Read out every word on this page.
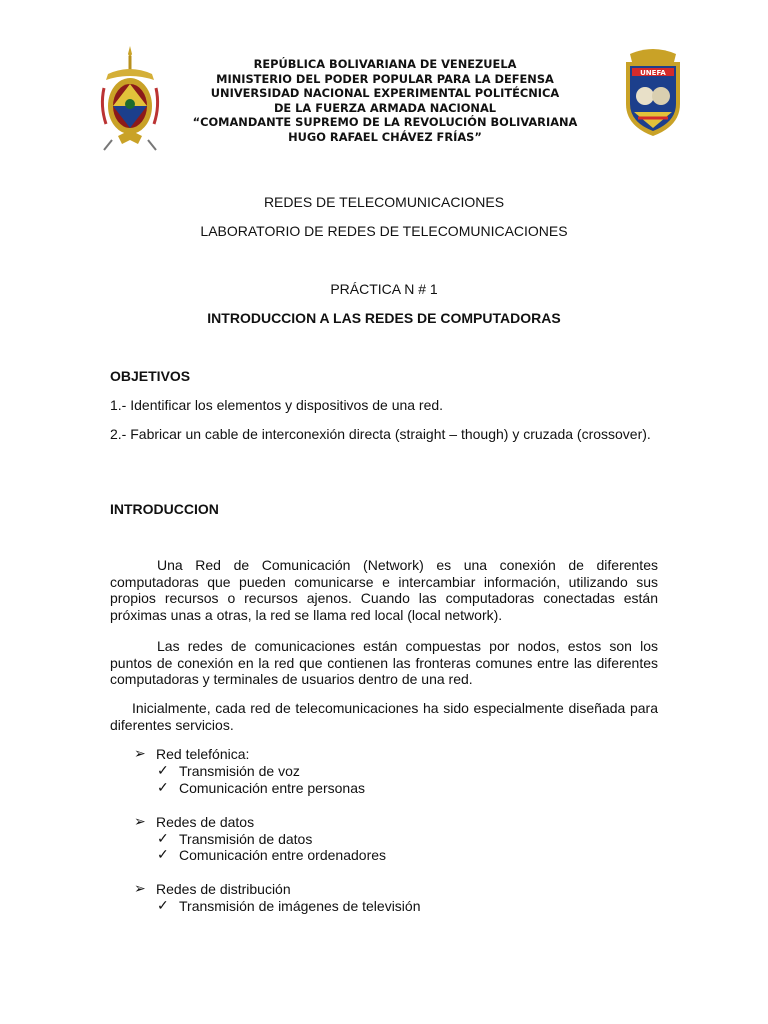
REPÚBLICA BOLIVARIANA DE VENEZUELA
MINISTERIO DEL PODER POPULAR PARA LA DEFENSA
UNIVERSIDAD NACIONAL EXPERIMENTAL POLITÉCNICA
DE LA FUERZA ARMADA NACIONAL
“COMANDANTE SUPREMO DE LA REVOLUCIÓN BOLIVARIANA
HUGO RAFAEL CHÁVEZ FRÍAS”
UNEFA
REDES DE TELECOMUNICACIONES
LABORATORIO DE REDES DE TELECOMUNICACIONES
PRÁCTICA N # 1
INTRODUCCION A LAS REDES DE COMPUTADORAS
OBJETIVOS
1.- Identificar los elementos y dispositivos de una red.
2.- Fabricar un cable de interconexión directa (straight – though) y cruzada (crossover).
INTRODUCCION
Una Red de Comunicación (Network) es una conexión de diferentes computadoras que pueden comunicarse e intercambiar información, utilizando sus propios recursos o recursos ajenos. Cuando las computadoras conectadas están próximas unas a otras, la red se llama red local (local network).
Las redes de comunicaciones están compuestas por nodos, estos son los puntos de conexión en la red que contienen las fronteras comunes entre las diferentes computadoras y terminales de usuarios dentro de una red.
Inicialmente, cada red de telecomunicaciones ha sido especialmente diseñada para diferentes servicios.
➢ Red telefónica :
✓ Transmisión de voz
✓ Comunicación entre personas
➢ Redes de datos
✓ Transmisión de datos
✓ Comunicación entre ordenadores
➢ Redes de distribución
✓ Transmisión de imágenes de televisión
